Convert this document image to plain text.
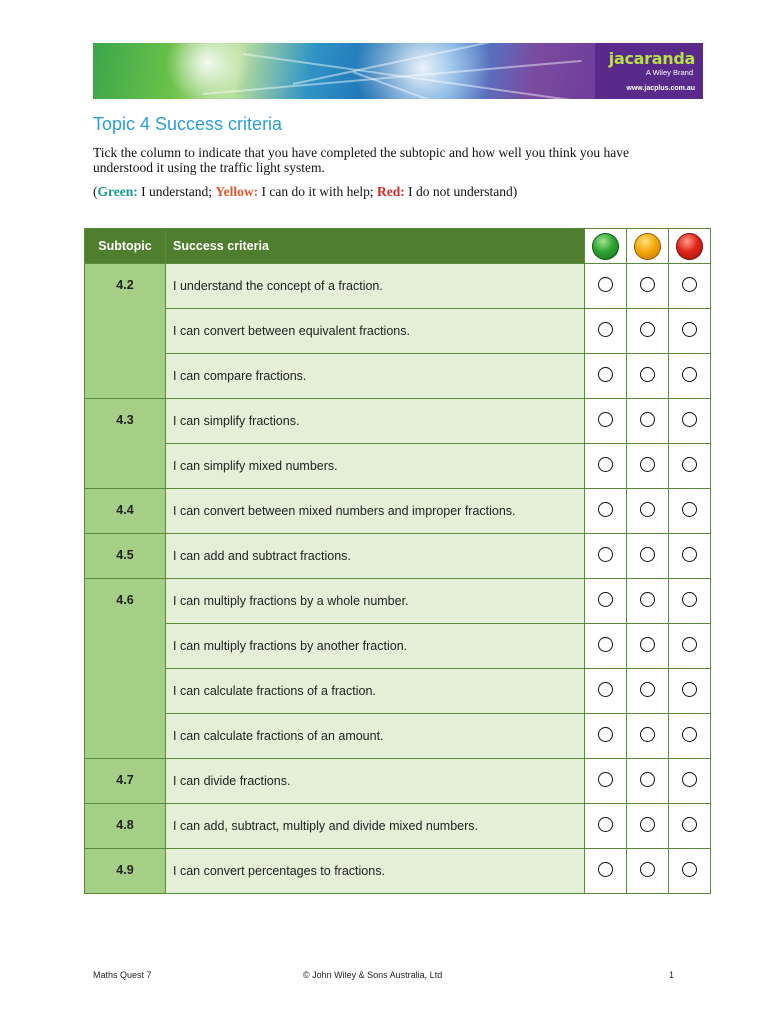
jacaranda
A Wiley Brand
www.jacplus.com.au
Topic 4 Success criteria
Tick the column to indicate that you have completed the subtopic and how well you think you have understood it using the traffic light system.
(Green: I understand; Yellow: I can do it with help; Red: I do not understand)
Subtopic	Success criteria			
4.2	I understand the concept of a fraction.			
	I can convert between equivalent fractions.			
	I can compare fractions.			
4.3	I can simplify fractions.			
	I can simplify mixed numbers.			
4.4	I can convert between mixed numbers and improper fractions.			
4.5	I can add and subtract fractions.			
4.6	I can multiply fractions by a whole number.			
	I can multiply fractions by another fraction.			
	I can calculate fractions of a fraction.			
	I can calculate fractions of an amount.			
4.7	I can divide fractions.			
4.8	I can add, subtract, multiply and divide mixed numbers.			
4.9	I can convert percentages to fractions.			
Maths Quest 7	© John Wiley & Sons Australia, Ltd	1
